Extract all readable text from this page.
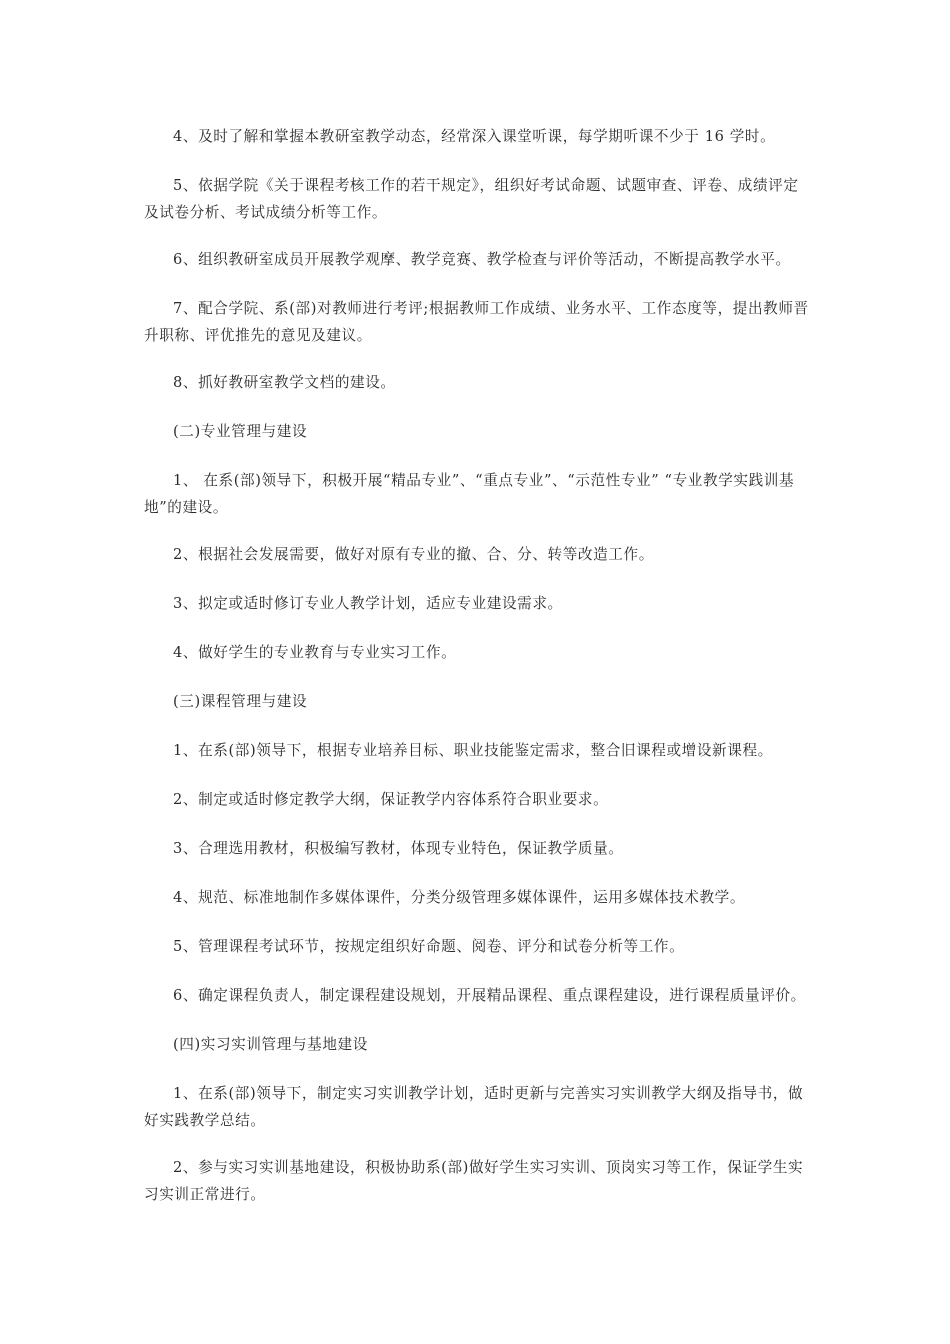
4、及时了解和掌握本教研室教学动态，经常深入课堂听课，每学期听课不少于 16 学时。

5、依据学院《关于课程考核工作的若干规定》，组织好考试命题、试题审查、评卷、成绩评定及试卷分析、考试成绩分析等工作。

6、组织教研室成员开展教学观摩、教学竞赛、教学检查与评价等活动，不断提高教学水平。

7、配合学院、系(部)对教师进行考评;根据教师工作成绩、业务水平、工作态度等，提出教师晋升职称、评优推先的意见及建议。

8、抓好教研室教学文档的建设。

(二)专业管理与建设

1、 在系(部)领导下，积极开展“精品专业”、“重点专业”、“示范性专业” “专业教学实践训基地”的建设。

2、根据社会发展需要，做好对原有专业的撤、合、分、转等改造工作。

3、拟定或适时修订专业人教学计划，适应专业建设需求。

4、做好学生的专业教育与专业实习工作。

(三)课程管理与建设

1、在系(部)领导下，根据专业培养目标、职业技能鉴定需求，整合旧课程或增设新课程。

2、制定或适时修定教学大纲，保证教学内容体系符合职业要求。

3、合理选用教材，积极编写教材，体现专业特色，保证教学质量。

4、规范、标准地制作多媒体课件，分类分级管理多媒体课件，运用多媒体技术教学。

5、管理课程考试环节，按规定组织好命题、阅卷、评分和试卷分析等工作。

6、确定课程负责人，制定课程建设规划，开展精品课程、重点课程建设，进行课程质量评价。

(四)实习实训管理与基地建设

1、在系(部)领导下，制定实习实训教学计划，适时更新与完善实习实训教学大纲及指导书，做好实践教学总结。

2、参与实习实训基地建设，积极协助系(部)做好学生实习实训、顶岗实习等工作，保证学生实习实训正常进行。
